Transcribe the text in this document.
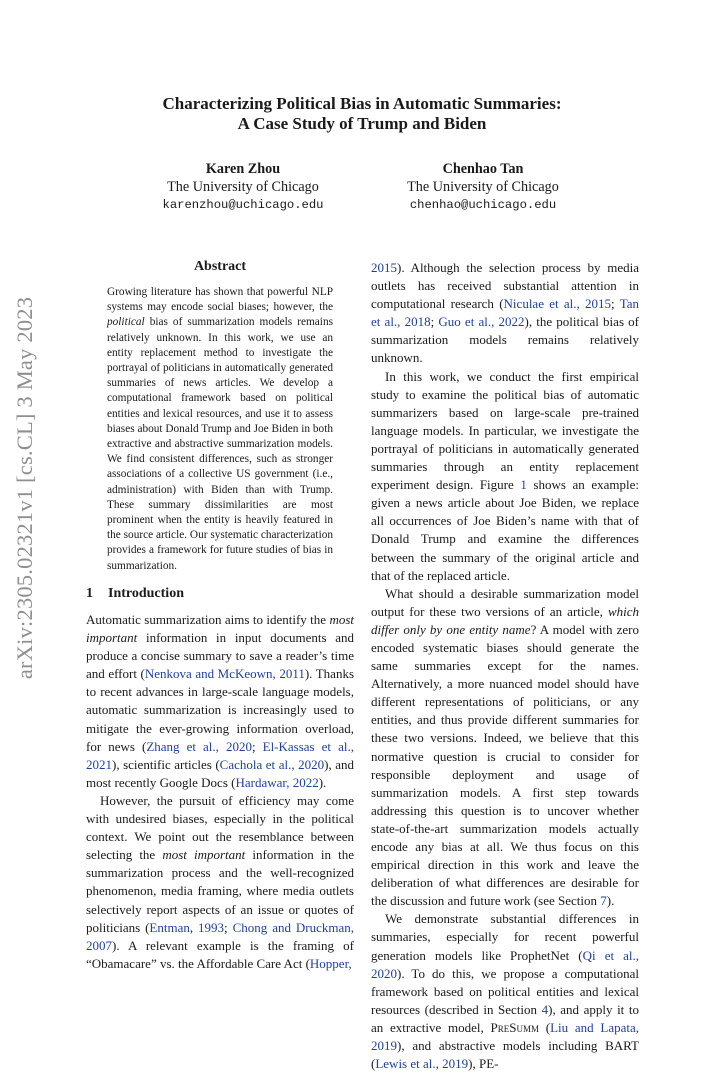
arXiv:2305.02321v1 [cs.CL] 3 May 2023
Characterizing Political Bias in Automatic Summaries:
A Case Study of Trump and Biden
Karen Zhou
The University of Chicago
karenzhou@uchicago.edu
Chenhao Tan
The University of Chicago
chenhao@uchicago.edu
Abstract
Growing literature has shown that powerful NLP systems may encode social biases; however, the political bias of summarization models remains relatively unknown. In this work, we use an entity replacement method to investigate the portrayal of politicians in automatically generated summaries of news articles. We develop a computational framework based on political entities and lexical resources, and use it to assess biases about Donald Trump and Joe Biden in both extractive and abstractive summarization models. We find consistent differences, such as stronger associations of a collective US government (i.e., administration) with Biden than with Trump. These summary dissimilarities are most prominent when the entity is heavily featured in the source article. Our systematic characterization provides a framework for future studies of bias in summarization.
1 Introduction

Automatic summarization aims to identify the most important information in input documents and produce a concise summary to save a reader’s time and effort (Nenkova and McKeown, 2011). Thanks to recent advances in large-scale language models, automatic summarization is increasingly used to mitigate the ever-growing information overload, for news (Zhang et al., 2020; El-Kassas et al., 2021), scientific articles (Cachola et al., 2020), and most recently Google Docs (Hardawar, 2022).

However, the pursuit of efficiency may come with undesired biases, especially in the political context. We point out the resemblance between selecting the most important information in the summarization process and the well-recognized phenomenon, media framing, where media outlets selectively report aspects of an issue or quotes of politicians (Entman, 1993; Chong and Druckman, 2007). A relevant example is the framing of “Obamacare” vs. the Affordable Care Act (Hopper,

2015). Although the selection process by media outlets has received substantial attention in computational research (Niculae et al., 2015; Tan et al., 2018; Guo et al., 2022), the political bias of summarization models remains relatively unknown.

In this work, we conduct the first empirical study to examine the political bias of automatic summarizers based on large-scale pre-trained language models. In particular, we investigate the portrayal of politicians in automatically generated summaries through an entity replacement experiment design. Figure 1 shows an example: given a news article about Joe Biden, we replace all occurrences of Joe Biden’s name with that of Donald Trump and examine the differences between the summary of the original article and that of the replaced article.

What should a desirable summarization model output for these two versions of an article, which differ only by one entity name? A model with zero encoded systematic biases should generate the same summaries except for the names. Alternatively, a more nuanced model should have different representations of politicians, or any entities, and thus provide different summaries for these two versions. Indeed, we believe that this normative question is crucial to consider for responsible deployment and usage of summarization models. A first step towards addressing this question is to uncover whether state-of-the-art summarization models actually encode any bias at all. We thus focus on this empirical direction in this work and leave the deliberation of what differences are desirable for the discussion and future work (see Section 7).

We demonstrate substantial differences in summaries, especially for recent powerful generation models like ProphetNet (Qi et al., 2020). To do this, we propose a computational framework based on political entities and lexical resources (described in Section 4), and apply it to an extractive model, PreSumm (Liu and Lapata, 2019), and abstractive models including BART (Lewis et al., 2019), PE-
